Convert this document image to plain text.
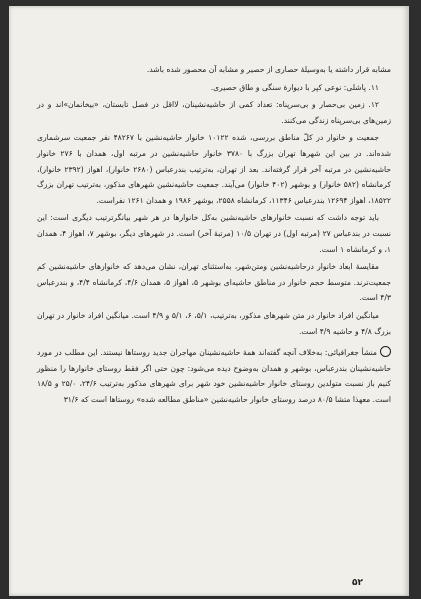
مشابه قرار داشته یا به‌وسیلهٔ حصاری از حصیر و مشابه آن محصور شده باشد.

۱۱. پاشلی: نوعی کپر با دیوارهٔ سنگی و طاق حصیری.

۱۲. زمین بی‌حصار و بی‌سرپناه: تعداد کمی از حاشیه‌نشینان، لااقل در فصل تابستان، «بیخانمان»اند و در زمین‌های بی‌سرپناه زندگی می‌کنند.

جمعیت و خانوار در کلّ مناطق بررسی، شده ۱۰۱۲۲ خانوار حاشیه‌نشین با ۴۸۲۶۷ نفر جمعیت سرشماری شده‌اند. در بین این شهرها تهران بزرگ با ۳۷۸۰ خانوار حاشیه‌نشین در مرتبه اول، همدان با ۲۷۶ خانوار حاشیه‌نشین در مرتبه آخر قرار گرفته‌اند. بعد از تهران، به‌ترتیب بندرعباس (۲۶۸۰ خانوار)، اهواز (۲۳۹۲ خانوار)، کرمانشاه (۵۸۲ خانوار) و بوشهر (۴۰۲ خانوار) می‌آیند. جمعیت حاشیه‌نشین شهرهای مذکور، به‌ترتیب تهران بزرگ ۱۸۵۲۲، اهواز ۱۲۶۹۴ بندرعباس ۱۱۳۴۶، کرمانشاه ۲۵۵۸، بوشهر ۱۹۸۶ و همدان ۱۲۶۱ نفراست.

باید توجه داشت که نسبت خانوارهای حاشیه‌نشین به‌کل خانوارها در هر شهر بیانگرترتیب دیگری است: این نسبت در بندعباس ۲۷ (مرتبه اول) در تهران ۱۰/۵ (مرتبهٔ آخر) است. در شهرهای دیگر، بوشهر ۷، اهواز ۴، همدان ۱، و کرمانشاه ۱ است.

مقایسهٔ ابعاد خانوار درحاشیه‌نشین ومتن‌شهر، به‌استثنای تهران، نشان می‌دهد که خانوارهای حاشیه‌نشین کم جمعیت‌ترند. متوسط حجم خانوار در مناطق حاشیه‌ای بوشهر ۵، اهواز ۵، همدان ۴/۶، کرمانشاه ۴/۴، و بندرعباس ۴/۳ است.

میانگین افراد خانوار در متن شهرهای مذکور، به‌ترتیب، ۵/۱، ۶، ۵/۱ و ۴/۹ است. میانگین افراد خانوار در تهران بزرگ ۴/۸ و حاشیه ۴/۹ است.

منشأ جغرافیائی: به‌خلاف آنچه گفته‌اند همهٔ حاشیه‌نشینان مهاجران جدید روستاها نیستند. این مطلب در مورد حاشیه‌نشینان بندرعباس، بوشهر و همدان به‌وضوح دیده می‌شود: چون حتی اگر فقط روستای خانوارها را منظور کنیم باز نسبت متولدین روستای خانوار حاشیه‌نشین خود شهر برای شهرهای مذکور به‌ترتیب ۲۴/۶، ۲۵/۰ و ۱۸/۵ است. معهذا متشا ۸۰/۵ درصد روستای خانوار حاشیه‌نشین «مناطق مطالعه شده» روستاها است که ۳۱/۶

۵۲
